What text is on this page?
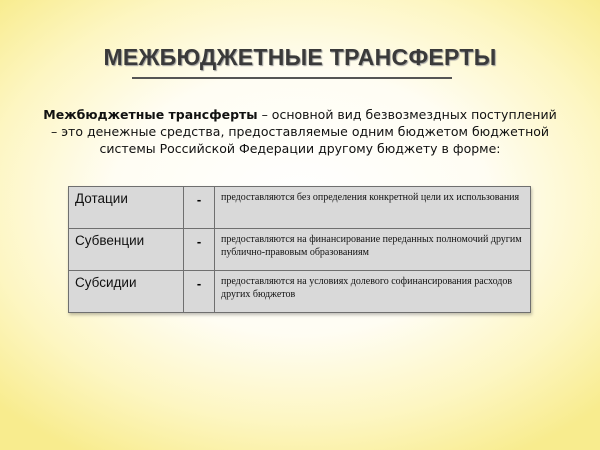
МЕЖБЮДЖЕТНЫЕ ТРАНСФЕРТЫ
Межбюджетные трансферты – основной вид безвозмездных поступлений – это денежные средства, предоставляемые одним бюджетом бюджетной системы Российской Федерации другому бюджету в форме:
Дотации	-	предоставляются без определения конкретной цели их использования
Субвенции	-	предоставляются на финансирование переданных полномочий другим публично-правовым образованиям
Субсидии	-	предоставляются на условиях долевого софинансирования расходов других бюджетов
